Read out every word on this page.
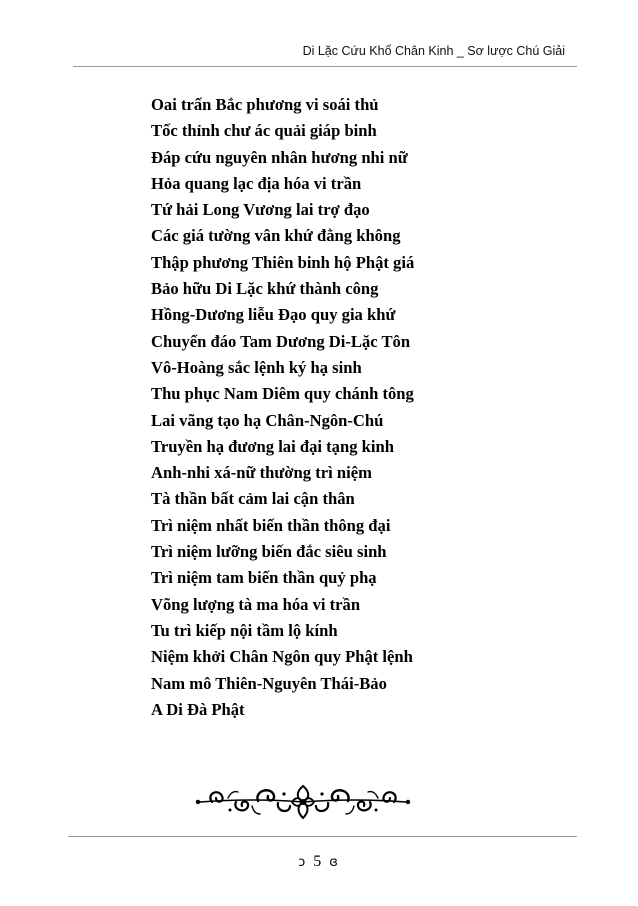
Di Lặc Cứu Khổ Chân Kinh _ Sơ lược Chú Giải
Oai trấn Bắc phương vi soái thủ
Tốc thỉnh chư ác quải giáp binh
Đáp cứu nguyên nhân hương nhi nữ
Hỏa quang lạc địa hóa vi trần
Tứ hải Long Vương lai trợ đạo
Các giá tường vân khứ đằng không
Thập phương Thiên binh hộ Phật giá
Bảo hữu Di Lặc khứ thành công
Hồng-Dương liễu Đạo quy gia khứ
Chuyển đáo Tam Dương Di-Lặc Tôn
Vô-Hoàng sắc lệnh ký hạ sinh
Thu phục Nam Diêm quy chánh tông
Lai vãng tạo hạ Chân-Ngôn-Chú
Truyền hạ đương lai đại tạng kinh
Anh-nhi xá-nữ thường trì niệm
Tà thần bất cảm lai cận thân
Trì niệm nhất biến thần thông đại
Trì niệm lưỡng biến đắc siêu sinh
Trì niệm tam biến thần quỷ phạ
Võng lượng tà ma hóa vi trần
Tu trì kiếp nội tầm lộ kính
Niệm khởi Chân Ngôn quy Phật lệnh
Nam mô Thiên-Nguyên Thái-Bảo
A Di Đà Phật
ↄ 5 ɞ
